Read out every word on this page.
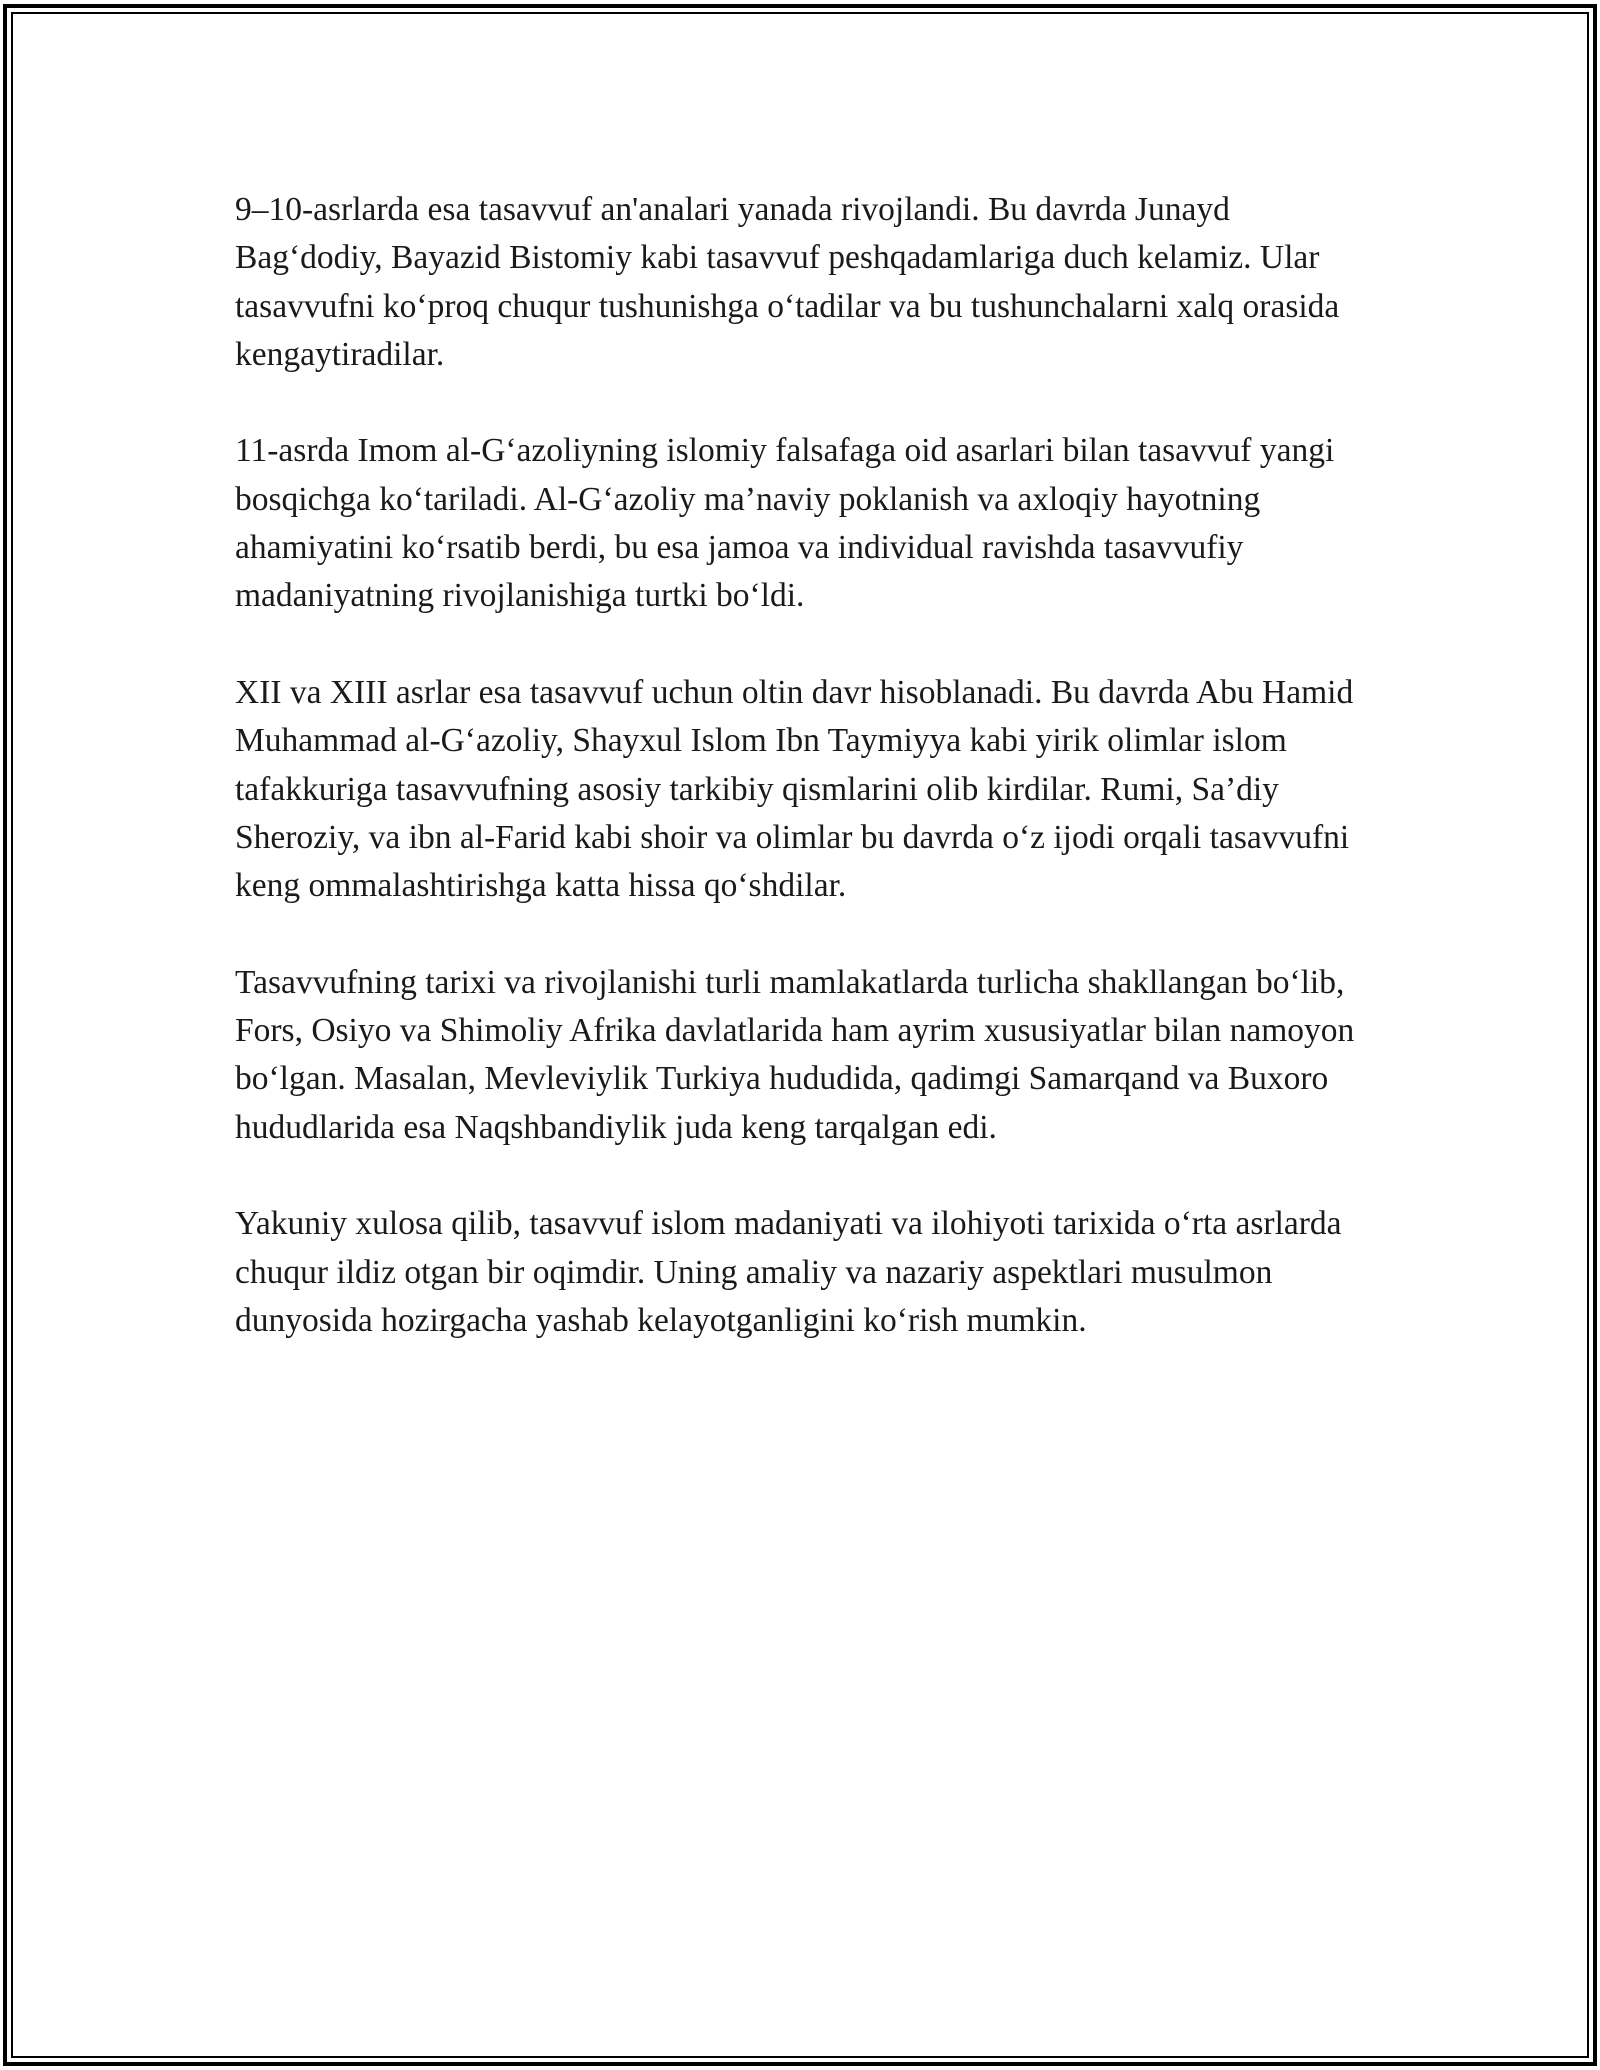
9–10-asrlarda esa tasavvuf an'analari yanada rivojlandi. Bu davrda Junayd Bag‘dodiy, Bayazid Bistomiy kabi tasavvuf peshqadamlariga duch kelamiz. Ular tasavvufni ko‘proq chuqur tushunishga o‘tadilar va bu tushunchalarni xalq orasida kengaytiradilar.

11-asrda Imom al-G‘azoliyning islomiy falsafaga oid asarlari bilan tasavvuf yangi bosqichga ko‘tariladi. Al-G‘azoliy ma’naviy poklanish va axloqiy hayotning ahamiyatini ko‘rsatib berdi, bu esa jamoa va individual ravishda tasavvufiy madaniyatning rivojlanishiga turtki bo‘ldi.

XII va XIII asrlar esa tasavvuf uchun oltin davr hisoblanadi. Bu davrda Abu Hamid Muhammad al-G‘azoliy, Shayxul Islom Ibn Taymiyya kabi yirik olimlar islom tafakkuriga tasavvufning asosiy tarkibiy qismlarini olib kirdilar. Rumi, Sa’diy Sheroziy, va ibn al-Farid kabi shoir va olimlar bu davrda o‘z ijodi orqali tasavvufni keng ommalashtirishga katta hissa qo‘shdilar.

Tasavvufning tarixi va rivojlanishi turli mamlakatlarda turlicha shakllangan bo‘lib, Fors, Osiyo va Shimoliy Afrika davlatlarida ham ayrim xususiyatlar bilan namoyon bo‘lgan. Masalan, Mevleviylik Turkiya hududida, qadimgi Samarqand va Buxoro hududlarida esa Naqshbandiylik juda keng tarqalgan edi.

Yakuniy xulosa qilib, tasavvuf islom madaniyati va ilohiyoti tarixida o‘rta asrlarda chuqur ildiz otgan bir oqimdir. Uning amaliy va nazariy aspektlari musulmon dunyosida hozirgacha yashab kelayotganligini ko‘rish mumkin.
